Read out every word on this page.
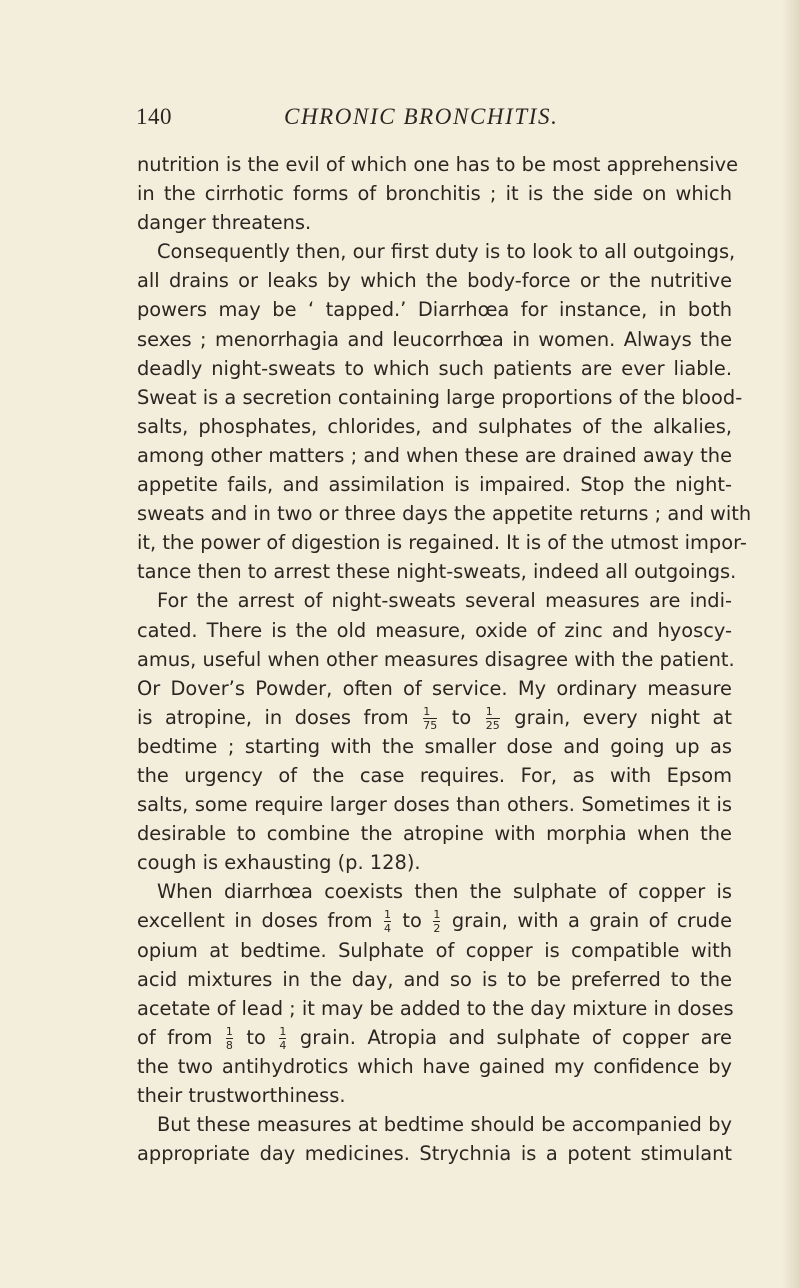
140	CHRONIC BRONCHITIS.
nutrition is the evil of which one has to be most apprehensive
in the cirrhotic forms of bronchitis ; it is the side on which
danger threatens.
Consequently then, our first duty is to look to all outgoings,
all drains or leaks by which the body-force or the nutritive
powers may be ‘ tapped.’ Diarrhœa for instance, in both
sexes ; menorrhagia and leucorrhœa in women. Always the
deadly night-sweats to which such patients are ever liable.
Sweat is a secretion containing large proportions of the blood-
salts, phosphates, chlorides, and sulphates of the alkalies,
among other matters ; and when these are drained away the
appetite fails, and assimilation is impaired. Stop the night-
sweats and in two or three days the appetite returns ; and with
it, the power of digestion is regained. It is of the utmost impor-
tance then to arrest these night-sweats, indeed all outgoings.
For the arrest of night-sweats several measures are indi-
cated. There is the old measure, oxide of zinc and hyoscy-
amus, useful when other measures disagree with the patient.
Or Dover’s Powder, often of service. My ordinary measure
is atropine, in doses from $\frac{1}{75}$ to $\frac{1}{25}$ grain, every night at
bedtime ; starting with the smaller dose and going up as
the urgency of the case requires. For, as with Epsom
salts, some require larger doses than others. Sometimes it is
desirable to combine the atropine with morphia when the
cough is exhausting (p. 128).
When diarrhœa coexists then the sulphate of copper is
excellent in doses from $\frac{1}{4}$ to $\frac{1}{2}$ grain, with a grain of crude
opium at bedtime. Sulphate of copper is compatible with
acid mixtures in the day, and so is to be preferred to the
acetate of lead ; it may be added to the day mixture in doses
of from $\frac{1}{8}$ to $\frac{1}{4}$ grain. Atropia and sulphate of copper are
the two antihydrotics which have gained my confidence by
their trustworthiness.
But these measures at bedtime should be accompanied by
appropriate day medicines. Strychnia is a potent stimulant
